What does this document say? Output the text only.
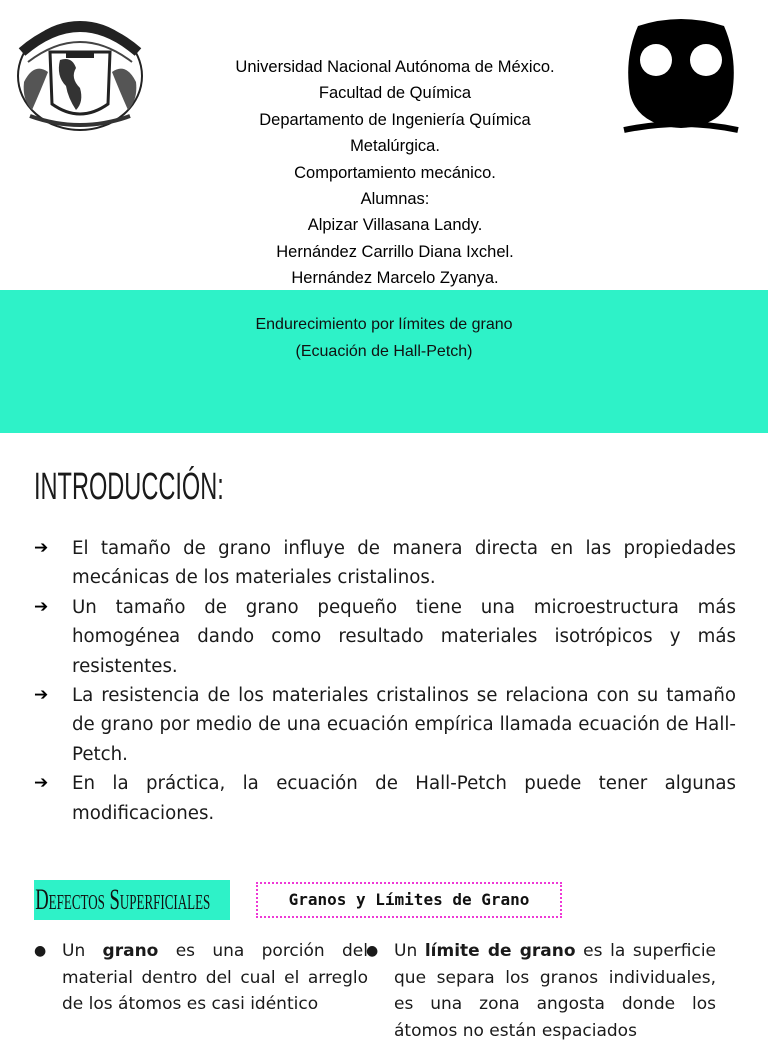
Universidad Nacional Autónoma de México.
Facultad de Química
Departamento de Ingeniería Química
Metalúrgica.
Comportamiento mecánico.
Alumnas:
Alpizar Villasana Landy.
Hernández Carrillo Diana Ixchel.
Hernández Marcelo Zyanya.
Endurecimiento por límites de grano
(Ecuación de Hall-Petch)
INTRODUCCIÓN:
➔ El tamaño de grano influye de manera directa en las propiedades mecánicas de los materiales cristalinos.
➔ Un tamaño de grano pequeño tiene una microestructura más homogénea dando como resultado materiales isotrópicos y más resistentes.
➔ La resistencia de los materiales cristalinos se relaciona con su tamaño de grano por medio de una ecuación empírica llamada ecuación de Hall-Petch.
➔ En la práctica, la ecuación de Hall-Petch puede tener algunas modificaciones.
Defectos Superficiales	Granos y Límites de Grano
● Un grano es una porción del material dentro del cual el arreglo de los átomos es casi idéntico
● Un límite de grano es la superficie que separa los granos individuales, es una zona angosta donde los átomos no están espaciados
